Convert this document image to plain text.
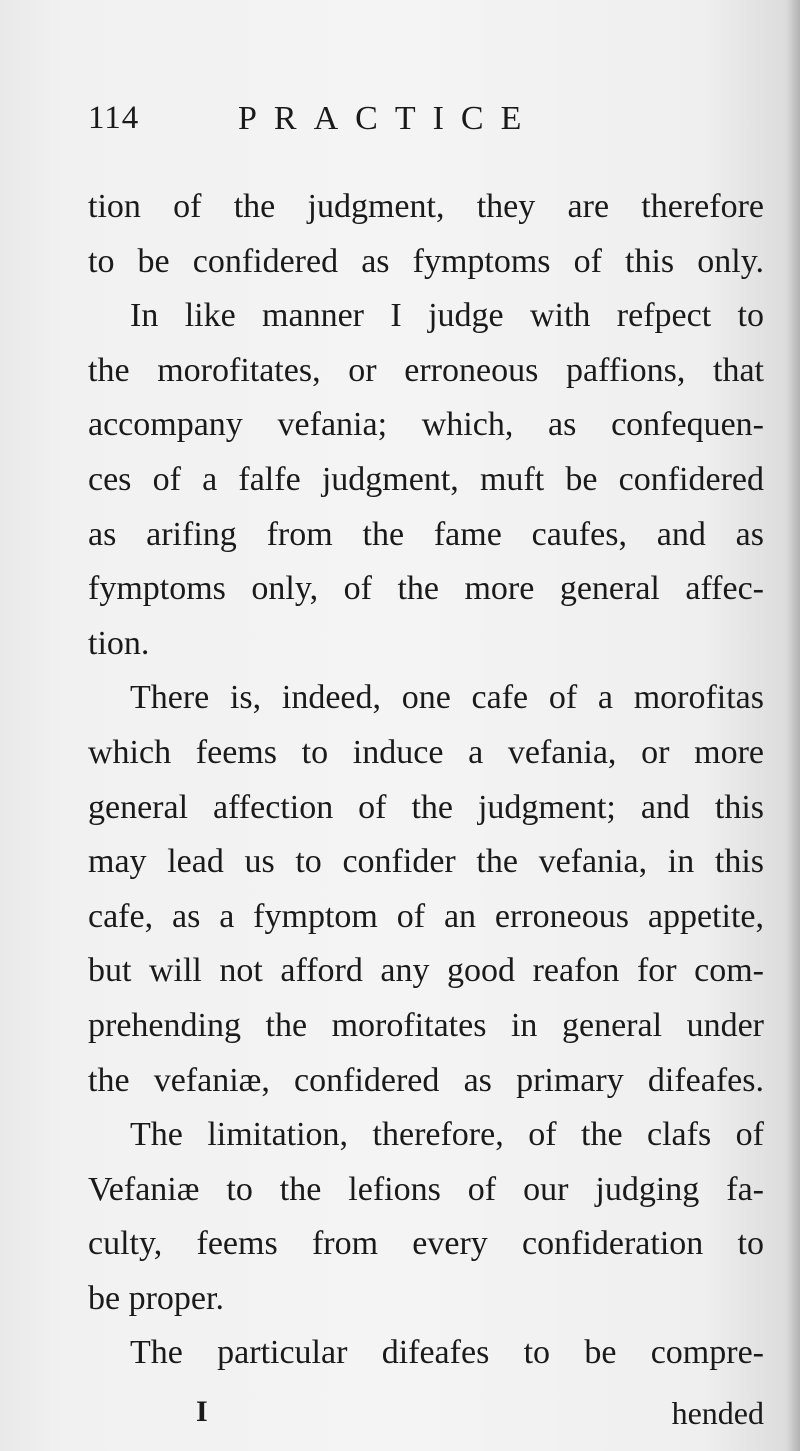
114	PRACTICE
tion of the judgment, they are therefore
to be confidered as fymptoms of this only.
In like manner I judge with refpect to
the morofitates, or erroneous paffions, that
accompany vefania; which, as confequen-
ces of a falfe judgment, muft be confidered
as arifing from the fame caufes, and as
fymptoms only, of the more general affec-
tion.
There is, indeed, one cafe of a morofitas
which feems to induce a vefania, or more
general affection of the judgment; and this
may lead us to confider the vefania, in this
cafe, as a fymptom of an erroneous appetite,
but will not afford any good reafon for com-
prehending the morofitates in general under
the vefaniæ, confidered as primary difeafes.
The limitation, therefore, of the clafs of
Vefaniæ to the lefions of our judging fa-
culty, feems from every confideration to
be proper.
The particular difeafes to be compre-
I	hended
